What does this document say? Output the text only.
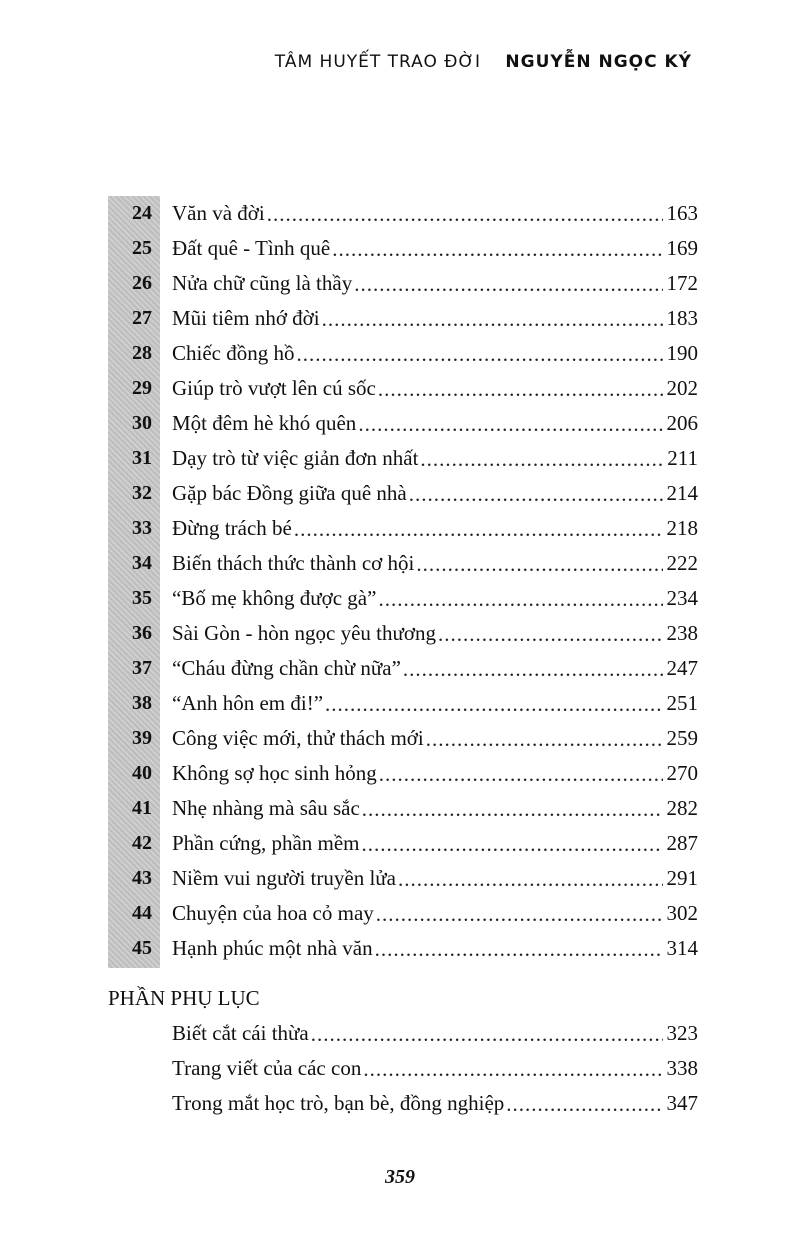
TÂM HUYẾT TRAO ĐỜI NGUYỄN NGỌC KÝ
24 Văn và đời .....	163
25 Đất quê - Tình quê .....	169
26 Nửa chữ cũng là thầy .....	172
27 Mũi tiêm nhớ đời .....	183
28 Chiếc đồng hồ .....	190
29 Giúp trò vượt lên cú sốc .....	202
30 Một đêm hè khó quên .....	206
31 Dạy trò từ việc giản đơn nhất .....	211
32 Gặp bác Đồng giữa quê nhà .....	214
33 Đừng trách bé .....	218
34 Biến thách thức thành cơ hội .....	222
35 “Bố mẹ không được gà” .....	234
36 Sài Gòn - hòn ngọc yêu thương .....	238
37 “Cháu đừng chần chừ nữa” .....	247
38 “Anh hôn em đi!” .....	251
39 Công việc mới, thử thách mới .....	259
40 Không sợ học sinh hỏng .....	270
41 Nhẹ nhàng mà sâu sắc .....	282
42 Phần cứng, phần mềm .....	287
43 Niềm vui người truyền lửa .....	291
44 Chuyện của hoa cỏ may .....	302
45 Hạnh phúc một nhà văn .....	314
PHẦN PHỤ LỤC
Biết cắt cái thừa .....	323
Trang viết của các con .....	338
Trong mắt học trò, bạn bè, đồng nghiệp .....	347
359
